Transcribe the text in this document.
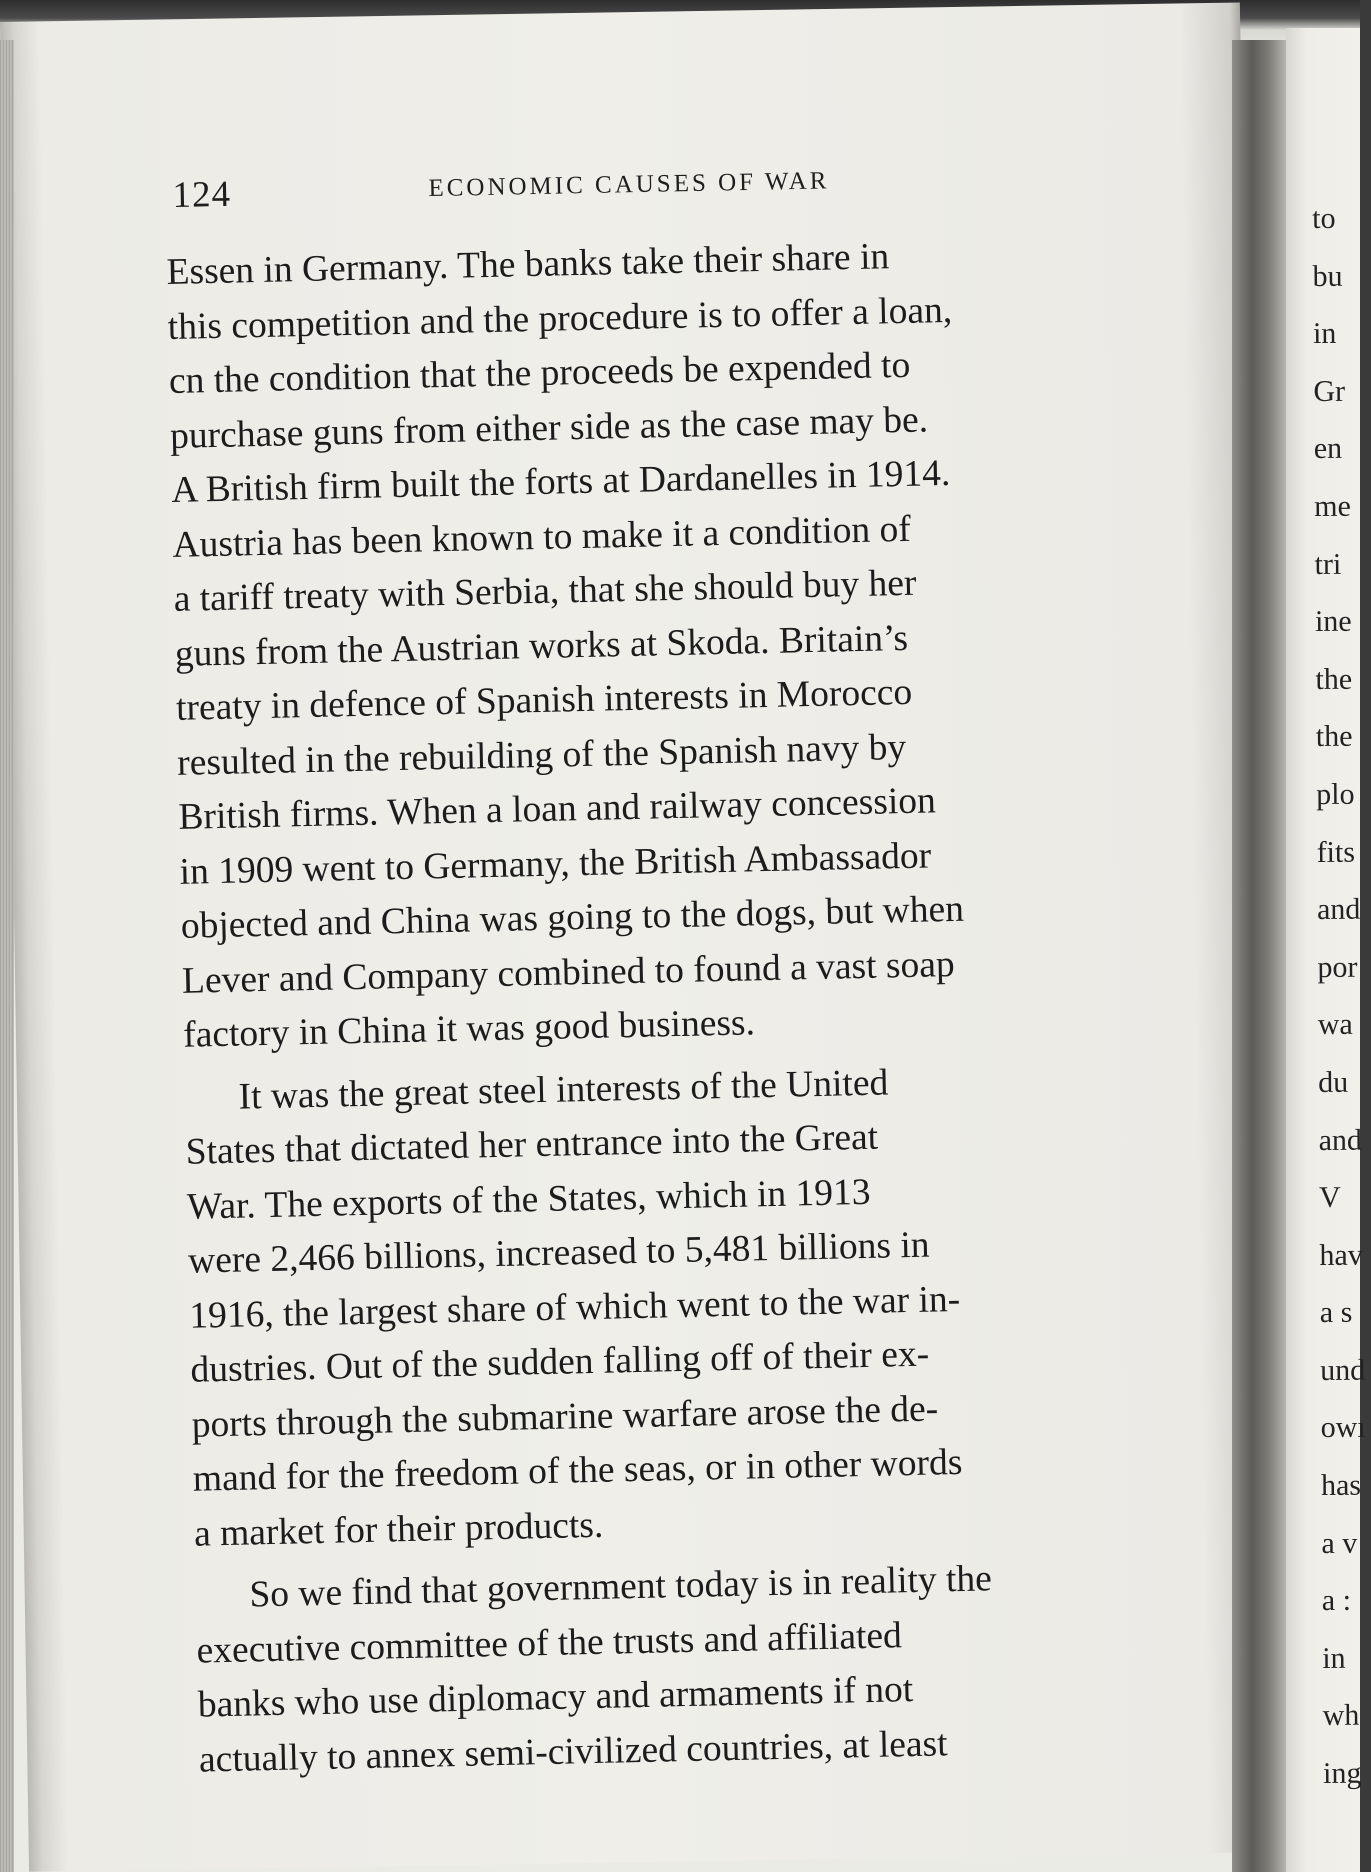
124	ECONOMIC CAUSES OF WAR
Essen in Germany. The banks take their share in
this competition and the procedure is to offer a loan,
cn the condition that the proceeds be expended to
purchase guns from either side as the case may be.
A British firm built the forts at Dardanelles in 1914.
Austria has been known to make it a condition of
a tariff treaty with Serbia, that she should buy her
guns from the Austrian works at Skoda. Britain’s
treaty in defence of Spanish interests in Morocco
resulted in the rebuilding of the Spanish navy by
British firms. When a loan and railway concession
in 1909 went to Germany, the British Ambassador
objected and China was going to the dogs, but when
Lever and Company combined to found a vast soap
factory in China it was good business.
It was the great steel interests of the United
States that dictated her entrance into the Great
War. The exports of the States, which in 1913
were 2,466 billions, increased to 5,481 billions in
1916, the largest share of which went to the war in-
dustries. Out of the sudden falling off of their ex-
ports through the submarine warfare arose the de-
mand for the freedom of the seas, or in other words
a market for their products.
So we find that government today is in reality the
executive committee of the trusts and affiliated
banks who use diplomacy and armaments if not
actually to annex semi-civilized countries, at least
to
bu
in
Gr
en
me
tri
ine
the
the
plo
fits
and
por
wa
du
and
V
hav
a s
und
owı
has
a v
a :
in
wh
ing
